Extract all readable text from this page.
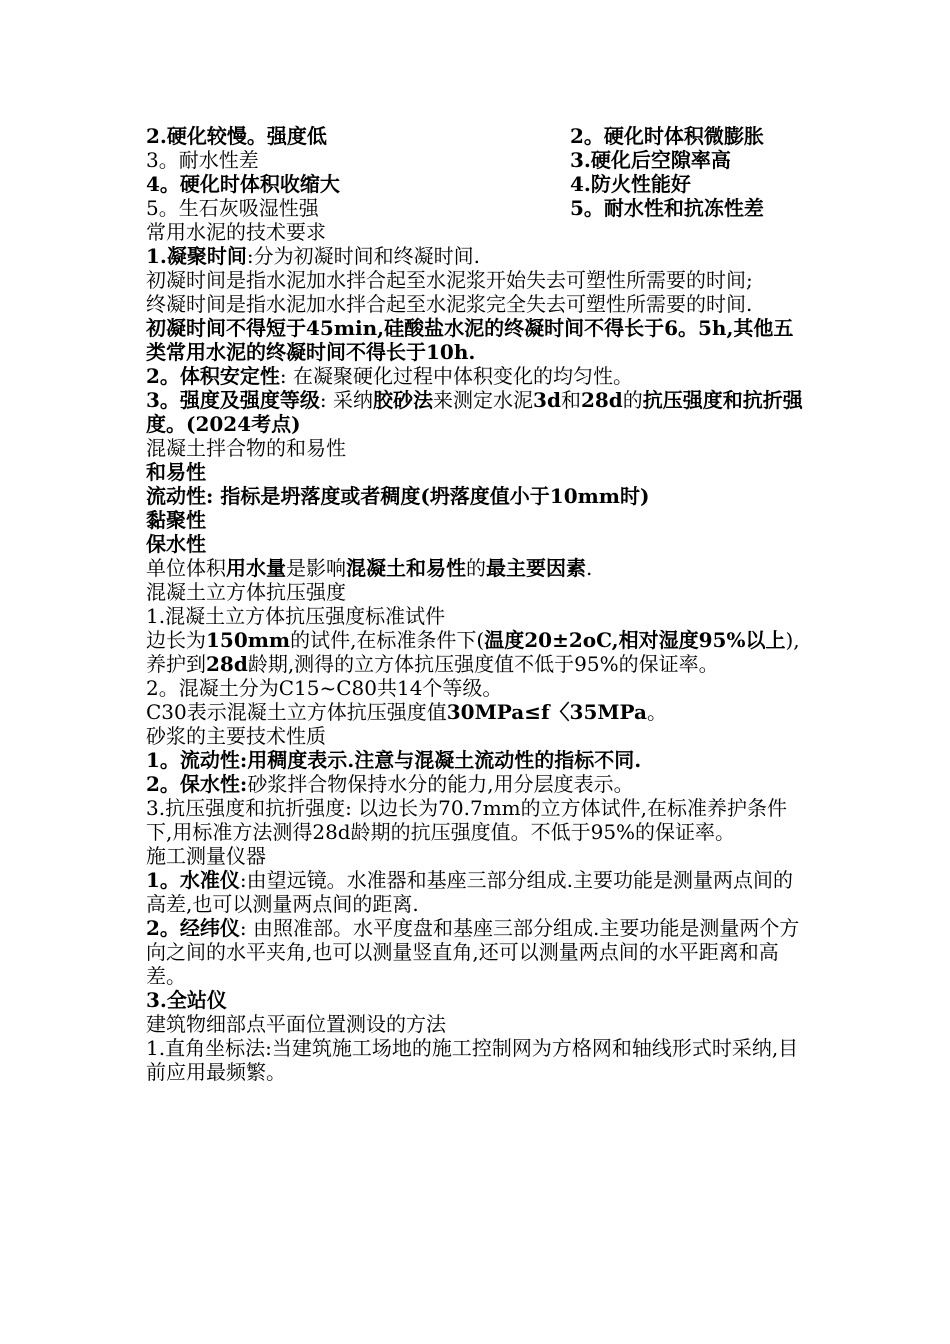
2.硬化较慢。强度低	2。硬化时体积微膨胀
3。耐水性差	3.硬化后空隙率高
4。硬化时体积收缩大	4.防火性能好
5。生石灰吸湿性强	5。耐水性和抗冻性差
常用水泥的技术要求
1.凝聚时间:分为初凝时间和终凝时间.
初凝时间是指水泥加水拌合起至水泥浆开始失去可塑性所需要的时间;
终凝时间是指水泥加水拌合起至水泥浆完全失去可塑性所需要的时间.
初凝时间不得短于45min,硅酸盐水泥的终凝时间不得长于6。5h,其他五类常用水泥的终凝时间不得长于10h.
2。体积安定性: 在凝聚硬化过程中体积变化的均匀性。
3。强度及强度等级: 采纳胶砂法来测定水泥3d和28d的抗压强度和抗折强度。(2024考点)
混凝土拌合物的和易性
和易性
流动性: 指标是坍落度或者稠度(坍落度值小于10mm时)
黏聚性
保水性
单位体积用水量是影响混凝土和易性的最主要因素.
混凝土立方体抗压强度
1.混凝土立方体抗压强度标准试件
边长为150mm的试件,在标准条件下(温度20±2oC,相对湿度95%以上),养护到28d龄期,测得的立方体抗压强度值不低于95%的保证率。
2。混凝土分为C15~C80共14个等级。
C30表示混凝土立方体抗压强度值30MPa≤f〈35MPa。
砂浆的主要技术性质
1。流动性:用稠度表示.注意与混凝土流动性的指标不同.
2。保水性:砂浆拌合物保持水分的能力,用分层度表示。
3.抗压强度和抗折强度: 以边长为70.7mm的立方体试件,在标准养护条件下,用标准方法测得28d龄期的抗压强度值。不低于95%的保证率。
施工测量仪器
1。水准仪:由望远镜。水准器和基座三部分组成.主要功能是测量两点间的高差,也可以测量两点间的距离.
2。经纬仪: 由照准部。水平度盘和基座三部分组成.主要功能是测量两个方向之间的水平夹角,也可以测量竖直角,还可以测量两点间的水平距离和高差。
3.全站仪
建筑物细部点平面位置测设的方法
1.直角坐标法:当建筑施工场地的施工控制网为方格网和轴线形式时采纳,目前应用最频繁。
